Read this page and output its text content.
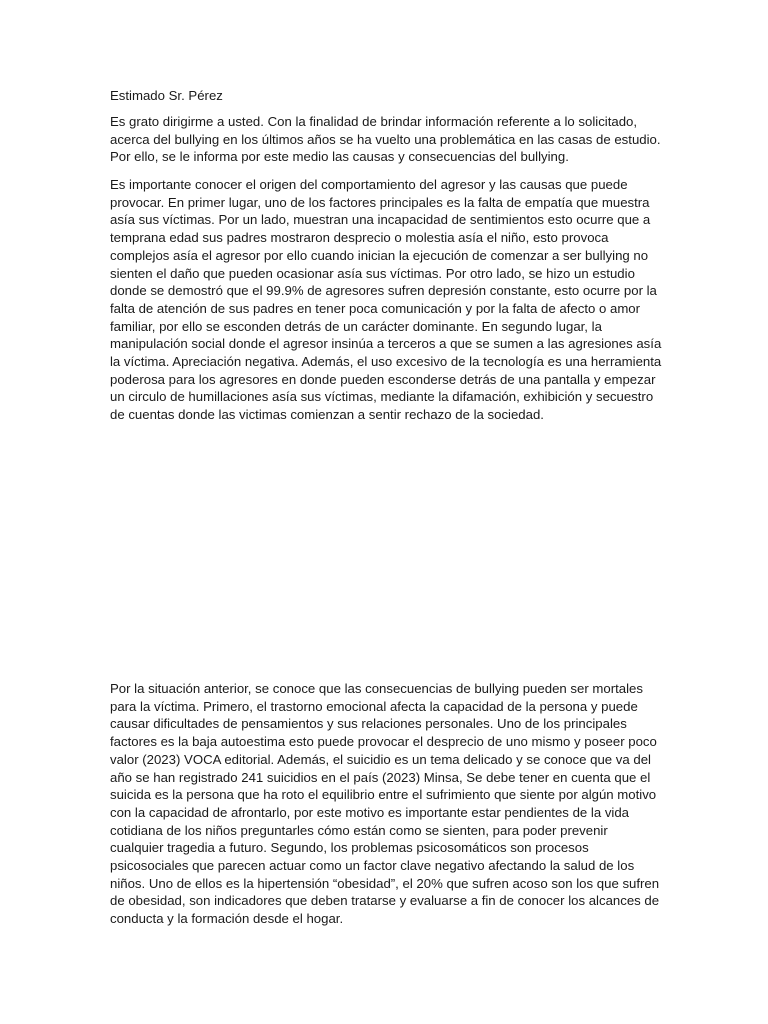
Estimado Sr. Pérez

Es grato dirigirme a usted. Con la finalidad de brindar información referente a lo solicitado, acerca del bullying en los últimos años se ha vuelto una problemática en las casas de estudio. Por ello, se le informa por este medio las causas y consecuencias del bullying.

Es importante conocer el origen del comportamiento del agresor y las causas que puede provocar. En primer lugar, uno de los factores principales es la falta de empatía que muestra asía sus víctimas. Por un lado, muestran una incapacidad de sentimientos esto ocurre que a temprana edad sus padres mostraron desprecio o molestia asía el niño, esto provoca complejos asía el agresor por ello cuando inician la ejecución de comenzar a ser bullying no sienten el daño que pueden ocasionar asía sus víctimas. Por otro lado, se hizo un estudio donde se demostró que el 99.9% de agresores sufren depresión constante, esto ocurre por la falta de atención de sus padres en tener poca comunicación y por la falta de afecto o amor familiar, por ello se esconden detrás de un carácter dominante. En segundo lugar, la manipulación social donde el agresor insinúa a terceros a que se sumen a las agresiones asía la víctima. Apreciación negativa. Además, el uso excesivo de la tecnología es una herramienta poderosa para los agresores en donde pueden esconderse detrás de una pantalla y empezar un circulo de humillaciones asía sus víctimas, mediante la difamación, exhibición y secuestro de cuentas donde las victimas comienzan a sentir rechazo de la sociedad.

Por la situación anterior, se conoce que las consecuencias de bullying pueden ser mortales para la víctima. Primero, el trastorno emocional afecta la capacidad de la persona y puede causar dificultades de pensamientos y sus relaciones personales. Uno de los principales factores es la baja autoestima esto puede provocar el desprecio de uno mismo y poseer poco valor (2023) VOCA editorial. Además, el suicidio es un tema delicado y se conoce que va del año se han registrado 241 suicidios en el país (2023) Minsa, Se debe tener en cuenta que el suicida es la persona que ha roto el equilibrio entre el sufrimiento que siente por algún motivo con la capacidad de afrontarlo, por este motivo es importante estar pendientes de la vida cotidiana de los niños preguntarles cómo están como se sienten, para poder prevenir cualquier tragedia a futuro. Segundo, los problemas psicosomáticos son procesos psicosociales que parecen actuar como un factor clave negativo afectando la salud de los niños. Uno de ellos es la hipertensión “obesidad”, el 20% que sufren acoso son los que sufren de obesidad, son indicadores que deben tratarse y evaluarse a fin de conocer los alcances de conducta y la formación desde el hogar.
